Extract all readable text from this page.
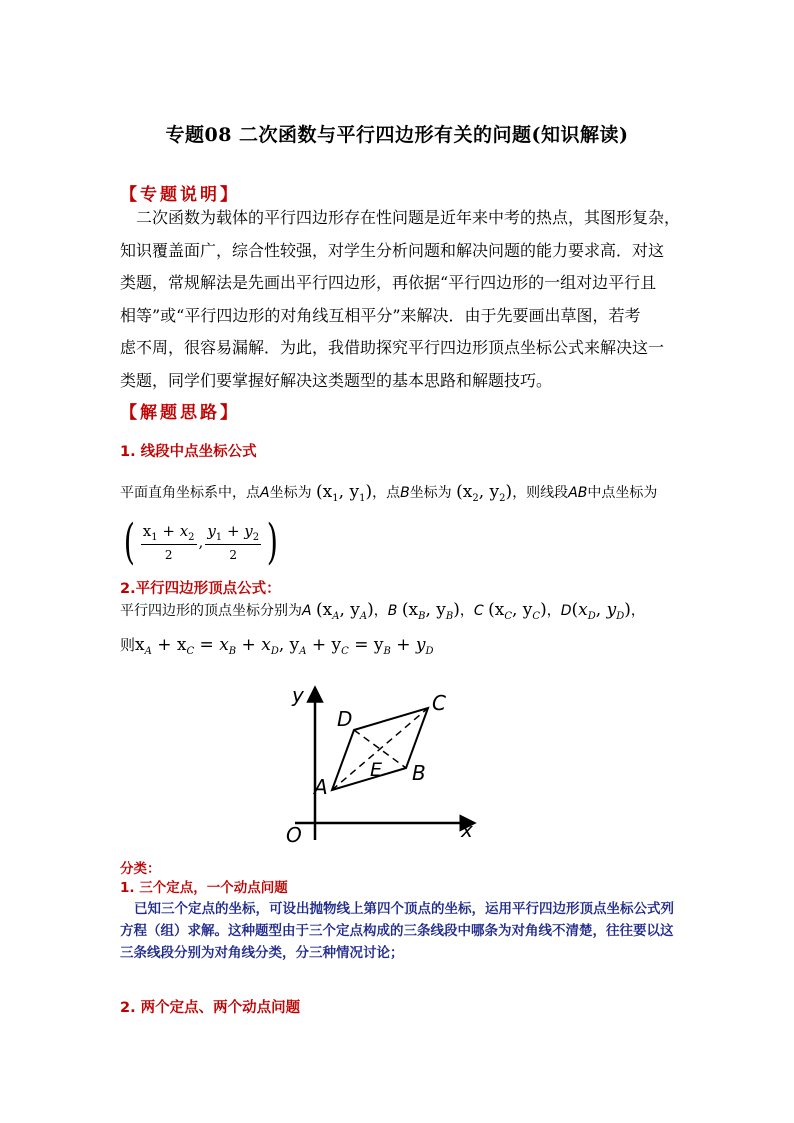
专题08 二次函数与平行四边形有关的问题(知识解读)
【专题说明】

二次函数为载体的平行四边形存在性问题是近年来中考的热点，其图形复杂，

知识覆盖面广，综合性较强，对学生分析问题和解决问题的能力要求高．对这

类题，常规解法是先画出平行四边形，再依据“平行四边形的一组对边平行且

相等”或“平行四边形的对角线互相平分”来解决．由于先要画出草图，若考

虑不周，很容易漏解．为此，我借助探究平行四边形顶点坐标公式来解决这一

类题，同学们要掌握好解决这类题型的基本思路和解题技巧。

【解题思路】
1. 线段中点坐标公式
平面直角坐标系中，点A坐标为 ($x_1$, $y_1$)，点B坐标为 ($x_2$, $y_2$)，则线段AB中点坐标为
( $\frac{x_1 + x_2}{2}$ , $\frac{y_1 + y_2}{2}$ )
2.平行四边形顶点公式：
平行四边形的顶点坐标分别为A ($x_A$, $y_A$)，B ($x_B$, $y_B$)，C ($x_C$, $y_C$)，$D(x_D$, $y_D$)，
则$x_A + x_C = x_B + x_D$, $y_A + y_C = y_B + y_D$
y
x
O
A
B
C
D
E
分类：
1. 三个定点，一个动点问题
已知三个定点的坐标，可设出抛物线上第四个顶点的坐标，运用平行四边形顶点坐标公式列方程（组）求解。这种题型由于三个定点构成的三条线段中哪条为对角线不清楚，往往要以这三条线段分别为对角线分类，分三种情况讨论；
2. 两个定点、两个动点问题
